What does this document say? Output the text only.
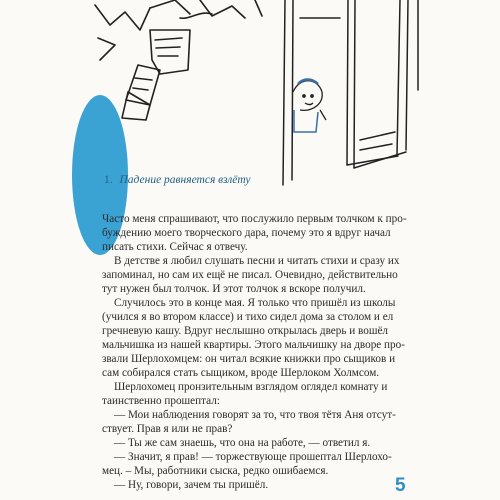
1. Падение равняется взлёту
Часто меня спрашивают, что послужило первым толчком к про-
буждению моего творческого дара, почему это я вдруг начал
писать стихи. Сейчас я отвечу.
В детстве я любил слушать песни и читать стихи и сразу их
запоминал, но сам их ещё не писал. Очевидно, действительно
тут нужен был толчок. И этот толчок я вскоре получил.
Случилось это в конце мая. Я только что пришёл из школы
(учился я во втором классе) и тихо сидел дома за столом и ел
гречневую кашу. Вдруг неслышно открылась дверь и вошёл
мальчишка из нашей квартиры. Этого мальчишку на дворе про-
звали Шерлохомцем: он читал всякие книжки про сыщиков и
сам собирался стать сыщиком, вроде Шерлоком Холмсом.
Шерлохомец пронзительным взглядом оглядел комнату и
таинственно прошептал:
— Мои наблюдения говорят за то, что твоя тётя Аня отсут-
ствует. Прав я или не прав?
— Ты же сам знаешь, что она на работе, — ответил я.
— Значит, я прав! — торжествующе прошептал Шерлохо-
мец. – Мы, работники сыска, редко ошибаемся.
— Ну, говори, зачем ты пришёл.	5
